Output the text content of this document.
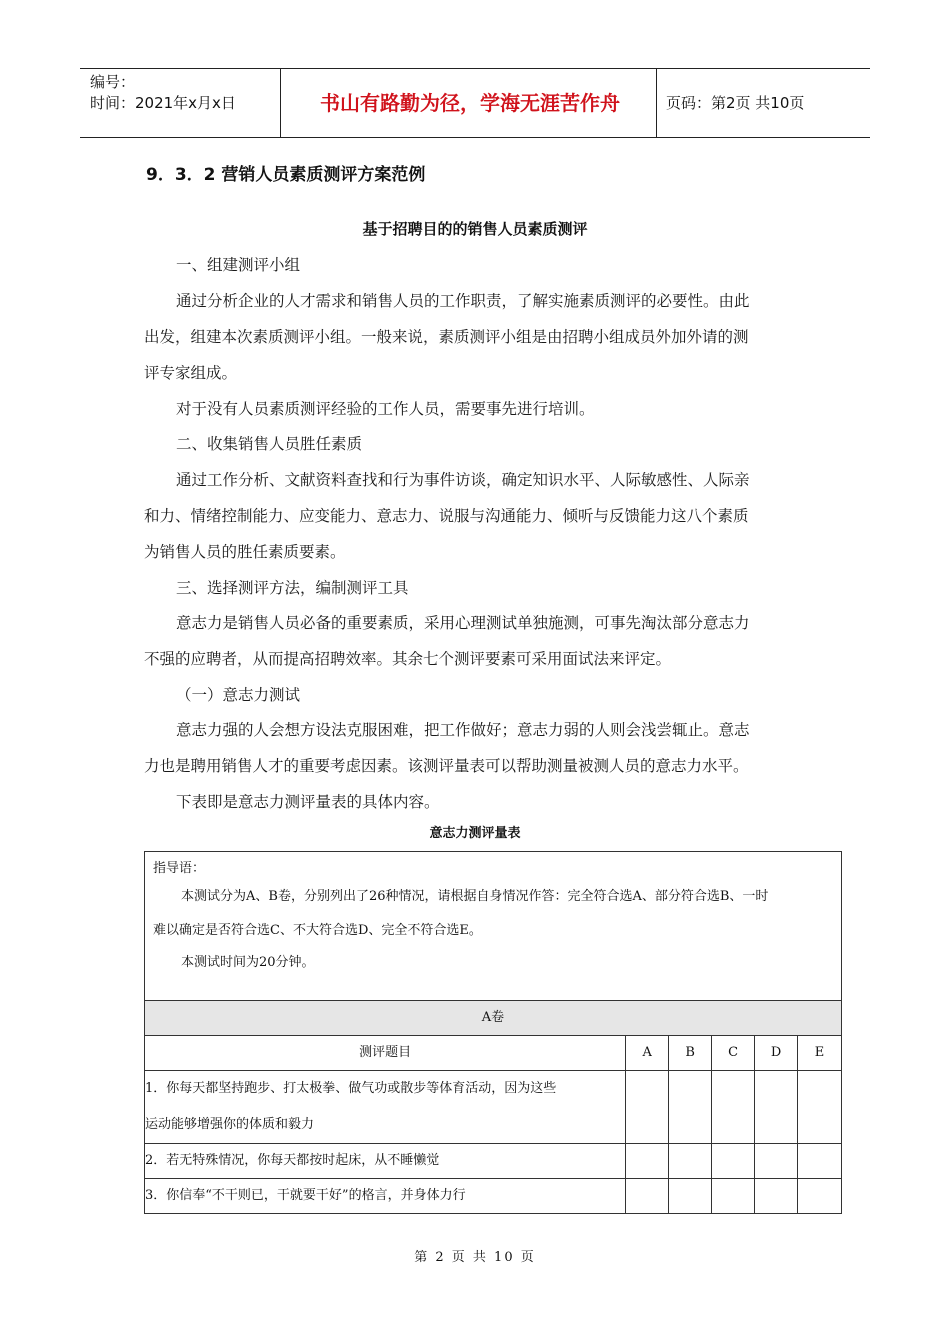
编号：
时间：2021年x月x日	书山有路勤为径，学海无涯苦作舟	页码：第2页 共10页
9．3．2 营销人员素质测评方案范例
基于招聘目的的销售人员素质测评
一、组建测评小组
通过分析企业的人才需求和销售人员的工作职责，了解实施素质测评的必要性。由此
出发，组建本次素质测评小组。一般来说，素质测评小组是由招聘小组成员外加外请的测
评专家组成。
对于没有人员素质测评经验的工作人员，需要事先进行培训。
二、收集销售人员胜任素质
通过工作分析、文献资料查找和行为事件访谈，确定知识水平、人际敏感性、人际亲
和力、情绪控制能力、应变能力、意志力、说服与沟通能力、倾听与反馈能力这八个素质
为销售人员的胜任素质要素。
三、选择测评方法，编制测评工具
意志力是销售人员必备的重要素质，采用心理测试单独施测，可事先淘汰部分意志力
不强的应聘者，从而提高招聘效率。其余七个测评要素可采用面试法来评定。
（一）意志力测试
意志力强的人会想方设法克服困难，把工作做好；意志力弱的人则会浅尝辄止。意志
力也是聘用销售人才的重要考虑因素。该测评量表可以帮助测量被测人员的意志力水平。
下表即是意志力测评量表的具体内容。
意志力测评量表
指导语：
本测试分为A、B卷，分别列出了26种情况，请根据自身情况作答：完全符合选A、部分符合选B、一时
难以确定是否符合选C、不大符合选D、完全不符合选E。
本测试时间为20分钟。					

A卷					
测评题目	A	B	C	D	E

1．你每天都坚持跑步、打太极拳、做气功或散步等体育活动，因为这些
运动能够增强你的体质和毅力					

2．若无特殊情况，你每天都按时起床，从不睡懒觉					

3．你信奉“不干则已，干就要干好”的格言，并身体力行					

第 2 页 共 10 页
